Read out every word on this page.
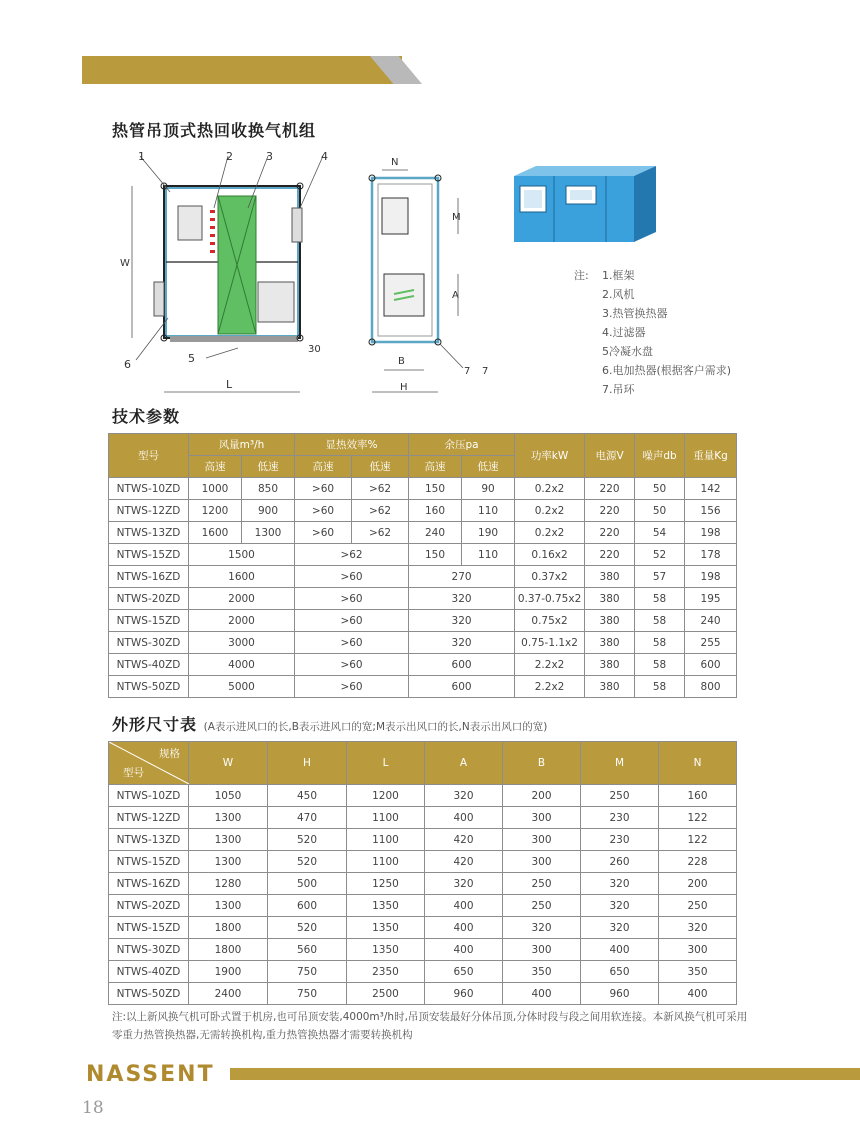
热管吊顶式热回收换气机组
1	2	3	4
5
6
W
L
30
N
M
A
B
H
7 7
注: 1.框架
2.风机
3.热管换热器
4.过滤器
5冷凝水盘
6.电加热器(根据客户需求)
7.吊环
技术参数
型号	风量m³/h		显热效率%		余压pa		功率kW	电源V	噪声db	重量Kg
	高速	低速	高速	低速	高速	低速				
NTWS-10ZD	1000	850	>60	>62	150	90	0.2x2	220	50	142
NTWS-12ZD	1200	900	>60	>62	160	110	0.2x2	220	50	156
NTWS-13ZD	1600	1300	>60	>62	240	190	0.2x2	220	54	198
NTWS-15ZD	1500		>62		150	110	0.16x2	220	52	178
NTWS-16ZD	1600		>60		270		0.37x2	380	57	198
NTWS-20ZD	2000		>60		320		0.37-0.75x2	380	58	195
NTWS-15ZD	2000		>60		320		0.75x2	380	58	240
NTWS-30ZD	3000		>60		320		0.75-1.1x2	380	58	255
NTWS-40ZD	4000		>60		600		2.2x2	380	58	600
NTWS-50ZD	5000		>60		600		2.2x2	380	58	800
外形尺寸表 (A表示进风口的长,B表示进风口的宽;M表示出风口的长,N表示出风口的宽)
规格
型号	W	H	L	A	B	M	N
NTWS-10ZD	1050	450	1200	320	200	250	160
NTWS-12ZD	1300	470	1100	400	300	230	122
NTWS-13ZD	1300	520	1100	420	300	230	122
NTWS-15ZD	1300	520	1100	420	300	260	228
NTWS-16ZD	1280	500	1250	320	250	320	200
NTWS-20ZD	1300	600	1350	400	250	320	250
NTWS-15ZD	1800	520	1350	400	320	320	320
NTWS-30ZD	1800	560	1350	400	300	400	300
NTWS-40ZD	1900	750	2350	650	350	650	350
NTWS-50ZD	2400	750	2500	960	400	960	400
注:以上新风换气机可卧式置于机房,也可吊顶安装,4000m³/h时,吊顶安装最好分体吊顶,分体时段与段之间用软连接。本新风换气机可采用零重力热管换热器,无需转换机构,重力热管换热器才需要转换机构
NASSENT
18
